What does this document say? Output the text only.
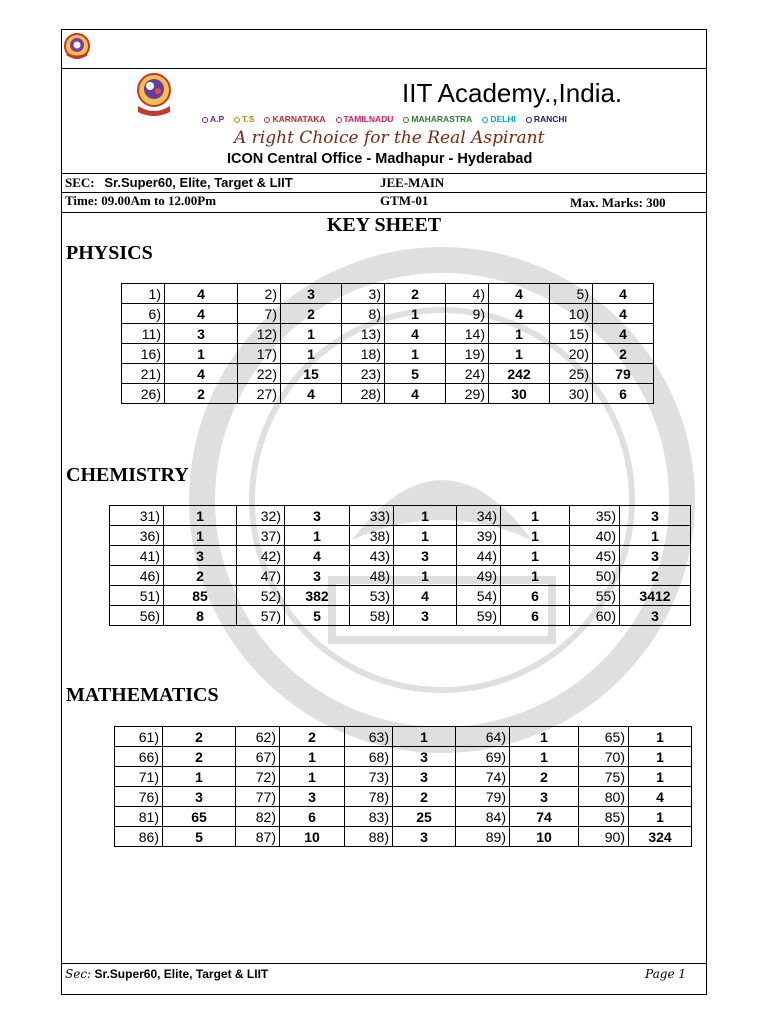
IIT Academy.,India.
A.P T.S KARNATAKA TAMILNADU MAHARASTRA DELHI RANCHI
A right Choice for the Real Aspirant
ICON Central Office - Madhapur - Hyderabad
SEC: Sr.Super60, Elite, Target & LIIT	JEE-MAIN
Time: 09.00Am to 12.00Pm	GTM-01	Max. Marks: 300
KEY SHEET
PHYSICS
1)	4	2)	3	3)	2	4)	4	5)	4
6)	4	7)	2	8)	1	9)	4	10)	4
11)	3	12)	1	13)	4	14)	1	15)	4
16)	1	17)	1	18)	1	19)	1	20)	2
21)	4	22)	15	23)	5	24)	242	25)	79
26)	2	27)	4	28)	4	29)	30	30)	6
CHEMISTRY
31)	1	32)	3	33)	1	34)	1	35)	3
36)	1	37)	1	38)	1	39)	1	40)	1
41)	3	42)	4	43)	3	44)	1	45)	3
46)	2	47)	3	48)	1	49)	1	50)	2
51)	85	52)	382	53)	4	54)	6	55)	3412
56)	8	57)	5	58)	3	59)	6	60)	3
MATHEMATICS
61)	2	62)	2	63)	1	64)	1	65)	1
66)	2	67)	1	68)	3	69)	1	70)	1
71)	1	72)	1	73)	3	74)	2	75)	1
76)	3	77)	3	78)	2	79)	3	80)	4
81)	65	82)	6	83)	25	84)	74	85)	1
86)	5	87)	10	88)	3	89)	10	90)	324
Sec: Sr.Super60, Elite, Target & LIIT	Page 1
